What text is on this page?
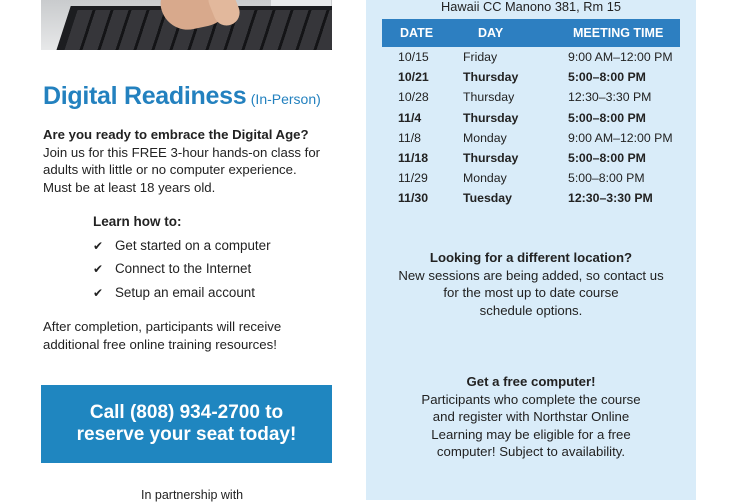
Digital Readiness (In-Person)
Are you ready to embrace the Digital Age?
Join us for this FREE 3-hour hands-on class for
adults with little or no computer experience.
Must be at least 18 years old.
Learn how to:
✔ Get started on a computer
✔ Connect to the Internet
✔ Setup an email account
After completion, participants will receive
additional free online training resources!
Call (808) 934-2700 to
reserve your seat today!
In partnership with
Hawaii CC Manono 381, Rm 15
DATE	DAY	MEETING TIME
10/15	Friday	9:00 AM–12:00 PM
10/21	Thursday	5:00–8:00 PM
10/28	Thursday	12:30–3:30 PM
11/4	Thursday	5:00–8:00 PM
11/8	Monday	9:00 AM–12:00 PM
11/18	Thursday	5:00–8:00 PM
11/29	Monday	5:00–8:00 PM
11/30	Tuesday	12:30–3:30 PM
Looking for a different location?
New sessions are being added, so contact us
for the most up to date course
schedule options.
Get a free computer!
Participants who complete the course
and register with Northstar Online
Learning may be eligible for a free
computer! Subject to availability.
